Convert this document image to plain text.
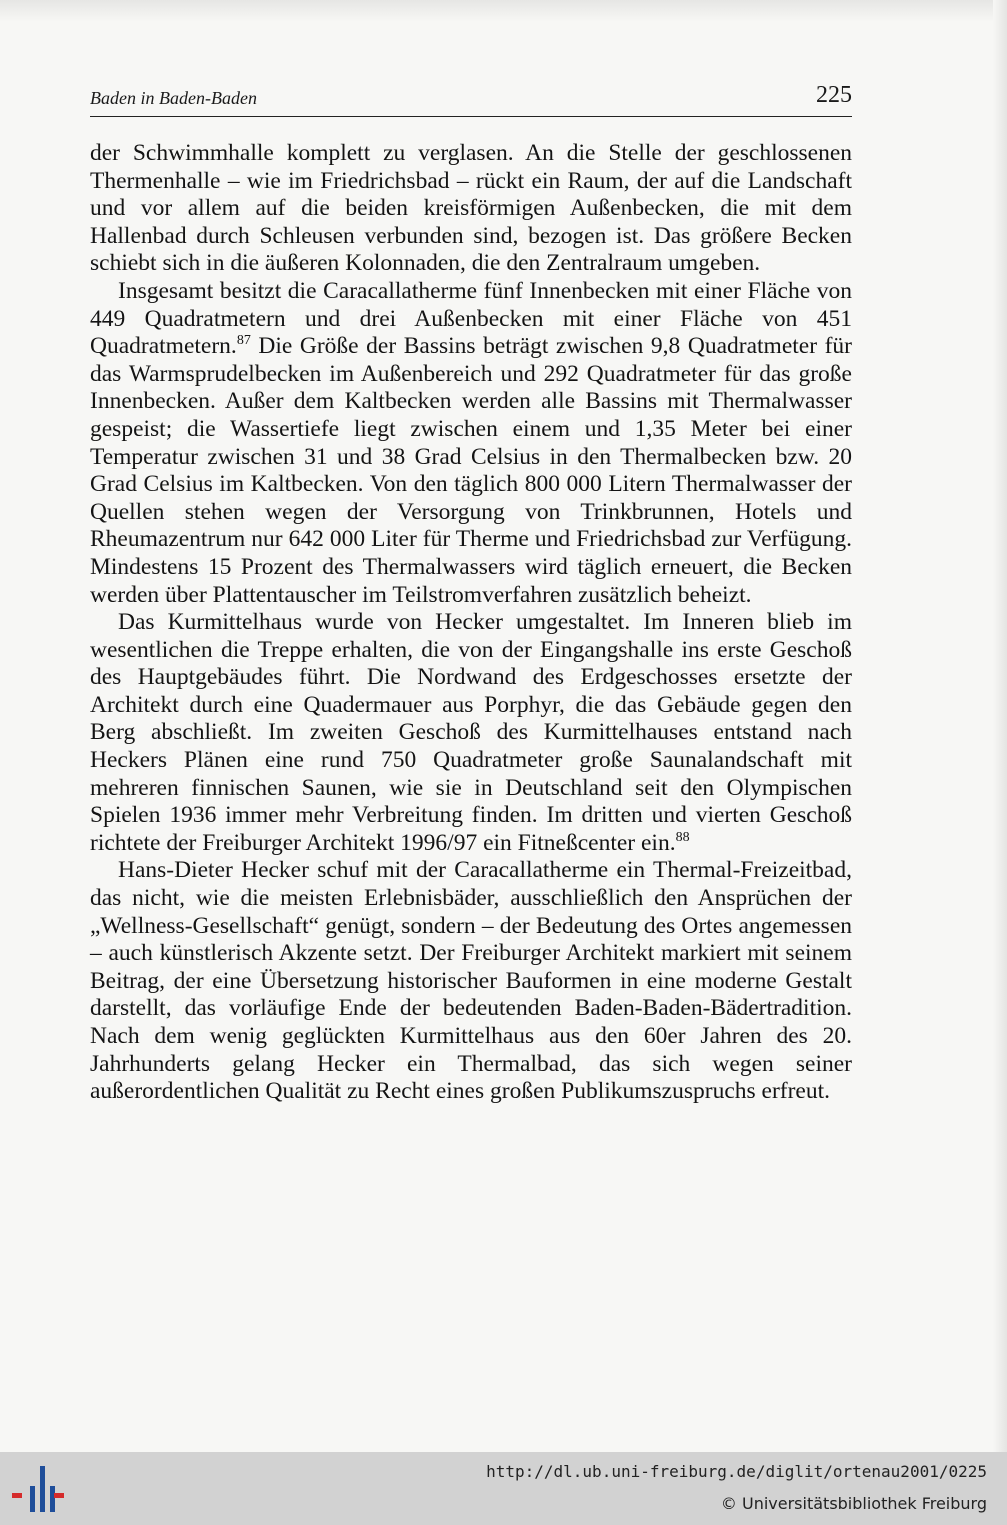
Baden in Baden-Baden	225

der Schwimmhalle komplett zu verglasen. An die Stelle der geschlossenen Thermenhalle – wie im Friedrichsbad – rückt ein Raum, der auf die Landschaft und vor allem auf die beiden kreisförmigen Außenbecken, die mit dem Hallenbad durch Schleusen verbunden sind, bezogen ist. Das größere Becken schiebt sich in die äußeren Kolonnaden, die den Zentralraum umgeben.

Insgesamt besitzt die Caracallatherme fünf Innenbecken mit einer Fläche von 449 Quadratmetern und drei Außenbecken mit einer Fläche von 451 Quadratmetern.$^{87}$ Die Größe der Bassins beträgt zwischen 9,8 Quadratmeter für das Warmsprudelbecken im Außenbereich und 292 Quadratmeter für das große Innenbecken. Außer dem Kaltbecken werden alle Bassins mit Thermalwasser gespeist; die Wassertiefe liegt zwischen einem und 1,35 Meter bei einer Temperatur zwischen 31 und 38 Grad Celsius in den Thermalbecken bzw. 20 Grad Celsius im Kaltbecken. Von den täglich 800 000 Litern Thermalwasser der Quellen stehen wegen der Versorgung von Trinkbrunnen, Hotels und Rheumazentrum nur 642 000 Liter für Therme und Friedrichsbad zur Verfügung. Mindestens 15 Prozent des Thermalwassers wird täglich erneuert, die Becken werden über Plattentauscher im Teilstromverfahren zusätzlich beheizt.

Das Kurmittelhaus wurde von Hecker umgestaltet. Im Inneren blieb im wesentlichen die Treppe erhalten, die von der Eingangshalle ins erste Geschoß des Hauptgebäudes führt. Die Nordwand des Erdgeschosses ersetzte der Architekt durch eine Quadermauer aus Porphyr, die das Gebäude gegen den Berg abschließt. Im zweiten Geschoß des Kurmittelhauses entstand nach Heckers Plänen eine rund 750 Quadratmeter große Saunalandschaft mit mehreren finnischen Saunen, wie sie in Deutschland seit den Olympischen Spielen 1936 immer mehr Verbreitung finden. Im dritten und vierten Geschoß richtete der Freiburger Architekt 1996/97 ein Fitneßcenter ein.$^{88}$

Hans-Dieter Hecker schuf mit der Caracallatherme ein Thermal-Freizeitbad, das nicht, wie die meisten Erlebnisbäder, ausschließlich den Ansprüchen der „Wellness-Gesellschaft“ genügt, sondern – der Bedeutung des Ortes angemessen – auch künstlerisch Akzente setzt. Der Freiburger Architekt markiert mit seinem Beitrag, der eine Übersetzung historischer Bauformen in eine moderne Gestalt darstellt, das vorläufige Ende der bedeutenden Baden-Baden-Bädertradition. Nach dem wenig geglückten Kurmittelhaus aus den 60er Jahren des 20. Jahrhunderts gelang Hecker ein Thermalbad, das sich wegen seiner außerordentlichen Qualität zu Recht eines großen Publikumszuspruchs erfreut.

http://dl.ub.uni-freiburg.de/diglit/ortenau2001/0225
© Universitätsbibliothek Freiburg
